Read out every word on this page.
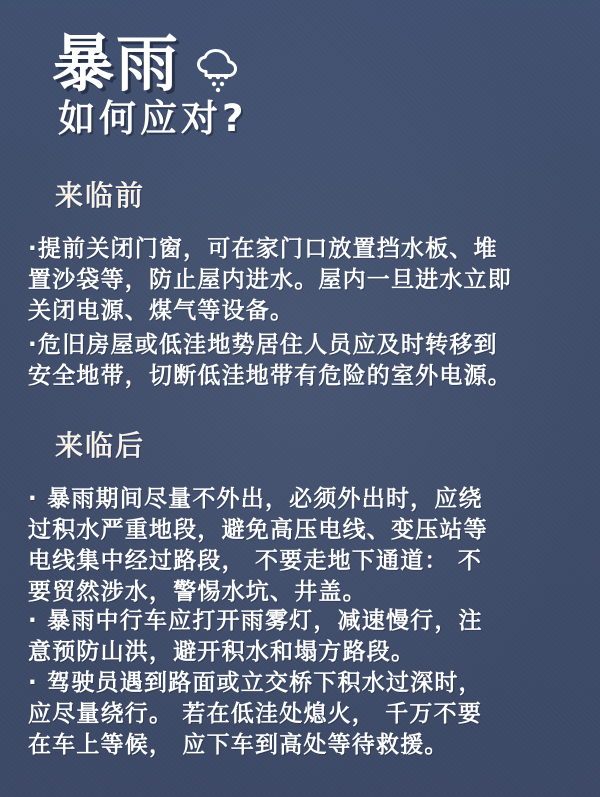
暴雨
如何应对?
来临前
·提前关闭门窗，可在家门口放置挡水板、堆
置沙袋等，防止屋内进水。屋内一旦进水立即
关闭电源、煤气等设备。
·危旧房屋或低洼地势居住人员应及时转移到
安全地带，切断低洼地带有危险的室外电源。
来临后
· 暴雨期间尽量不外出，必须外出时，应绕
过积水严重地段，避免高压电线、变压站等
电线集中经过路段， 不要走地下通道： 不
要贸然涉水，警惕水坑、井盖。
· 暴雨中行车应打开雨雾灯，减速慢行，注
意预防山洪，避开积水和塌方路段。
· 驾驶员遇到路面或立交桥下积水过深时，
应尽量绕行。 若在低洼处熄火， 千万不要
在车上等候， 应下车到高处等待救援。
